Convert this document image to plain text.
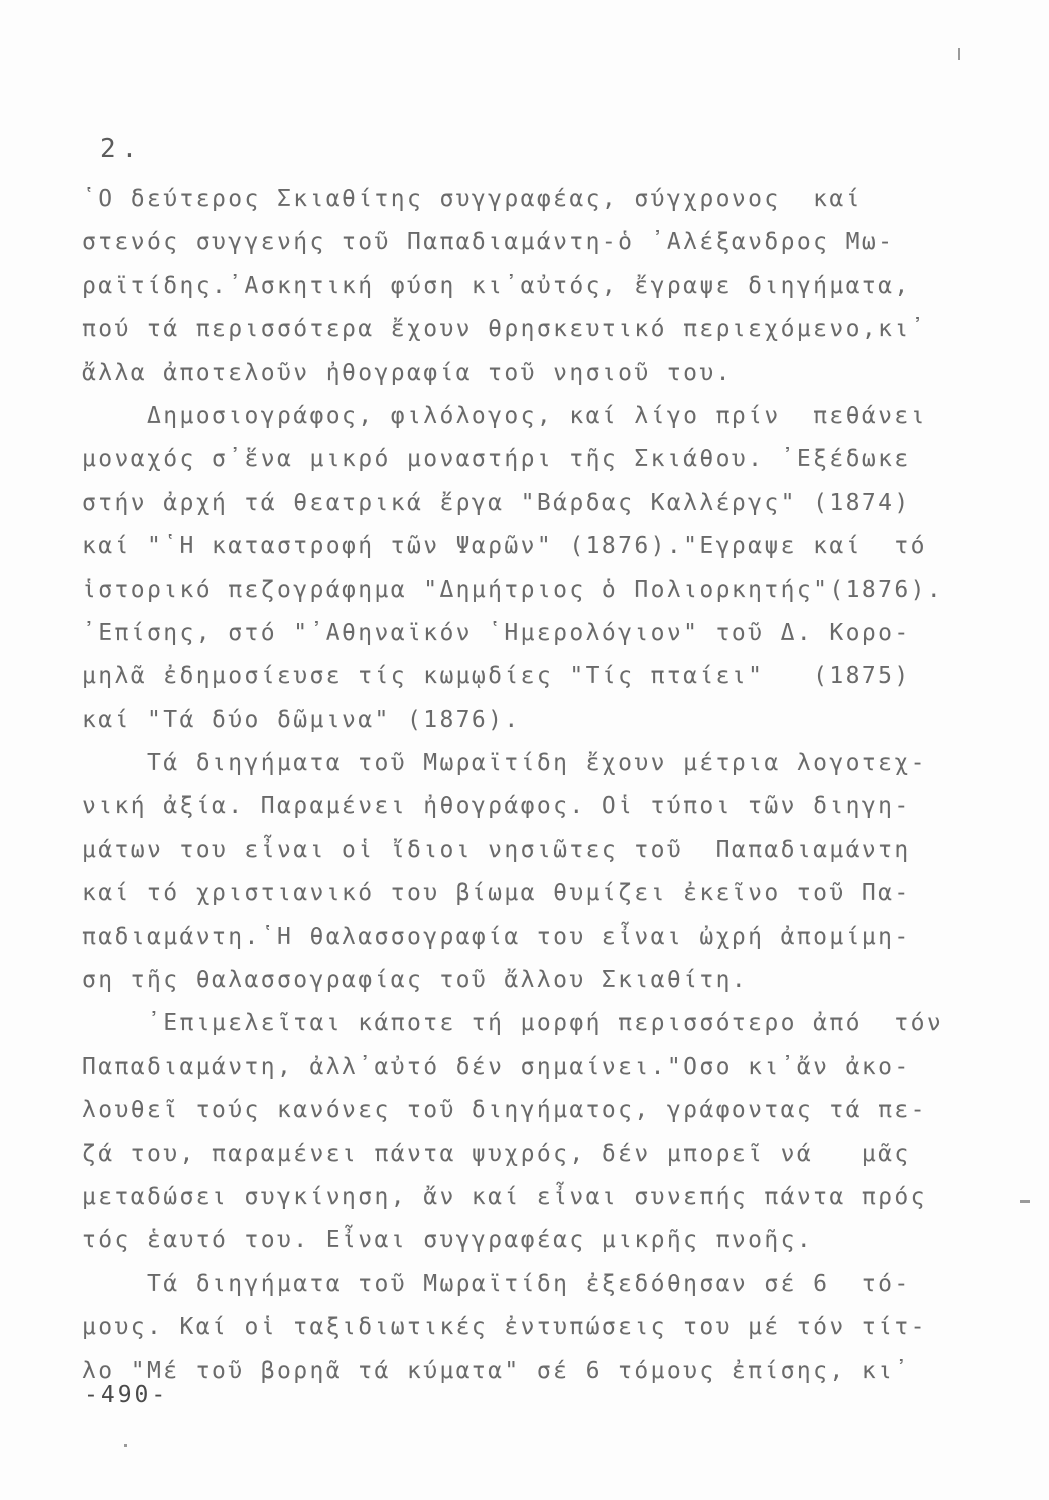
2.
῾Ο δεύτερος Σκιαθίτης συγγραφέας, σύγχρονος  καί
στενός συγγενής τοῦ Παπαδιαμάντη-ὁ ᾿Αλέξανδρος Μω-
ραϊτίδης.᾿Ασκητική φύση κι᾿αὐτός, ἔγραψε διηγήματα,
πού τά περισσότερα ἔχουν θρησκευτικό περιεχόμενο,κι᾿
ἄλλα ἀποτελοῦν ἠθογραφία τοῦ νησιοῦ του.
Δημοσιογράφος, φιλόλογος, καί λίγο πρίν  πεθάνει
μοναχός σ᾿ἕνα μικρό μοναστήρι τῆς Σκιάθου. ᾿Εξέδωκε
στήν ἀρχή τά θεατρικά ἔργα "Βάρδας Καλλέργς" (1874)
καί "῾Η καταστροφή τῶν Ψαρῶν" (1876)."Εγραψε καί  τό
ἱστορικό πεζογράφημα "Δημήτριος ὁ Πολιορκητής"(1876).
᾿Επίσης, στό "᾿Αθηναϊκόν ῾Ημερολόγιον" τοῦ Δ. Κορο-
μηλᾶ ἐδημοσίευσε τίς κωμῳδίες "Τίς πταίει"   (1875)
καί "Τά δύο δῶμινα" (1876).
Τά διηγήματα τοῦ Μωραϊτίδη ἔχουν μέτρια λογοτεχ-
νική ἀξία. Παραμένει ἠθογράφος. Οἱ τύποι τῶν διηγη-
μάτων του εἶναι οἱ ἴδιοι νησιῶτες τοῦ  Παπαδιαμάντη
καί τό χριστιανικό του βίωμα θυμίζει ἐκεῖνο τοῦ Πα-
παδιαμάντη.῾Η θαλασσογραφία του εἶναι ὠχρή ἀπομίμη-
ση τῆς θαλασσογραφίας τοῦ ἄλλου Σκιαθίτη.
᾿Επιμελεῖται κάποτε τή μορφή περισσότερο ἀπό  τόν
Παπαδιαμάντη, ἀλλ᾿αὐτό δέν σημαίνει."Οσο κι᾿ἄν ἀκο-
λουθεῖ τούς κανόνες τοῦ διηγήματος, γράφοντας τά πε-
ζά του, παραμένει πάντα ψυχρός, δέν μπορεῖ νά   μᾶς
μεταδώσει συγκίνηση, ἄν καί εἶναι συνεπής πάντα πρός
τός ἑαυτό του. Εἶναι συγγραφέας μικρῆς πνοῆς.
Τά διηγήματα τοῦ Μωραϊτίδη ἐξεδόθησαν σέ 6  τό-
μους. Καί οἱ ταξιδιωτικές ἐντυπώσεις του μέ τόν τίτ-
λο "Μέ τοῦ βορηᾶ τά κύματα" σέ 6 τόμους ἐπίσης, κι᾿
-490-
